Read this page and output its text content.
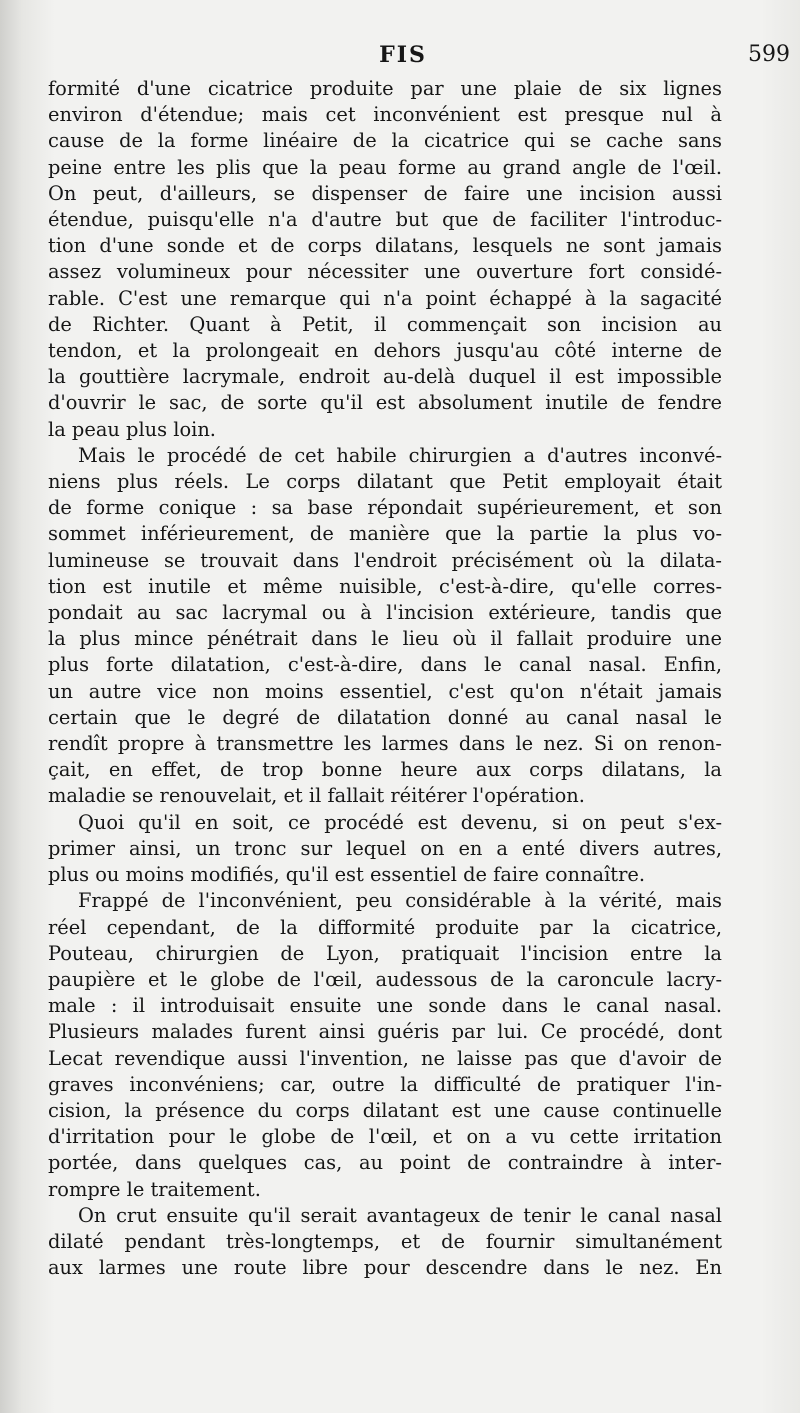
FIS	599
formité d'une cicatrice produite par une plaie de six lignes
environ d'étendue; mais cet inconvénient est presque nul à
cause de la forme linéaire de la cicatrice qui se cache sans
peine entre les plis que la peau forme au grand angle de l'œil.
On peut, d'ailleurs, se dispenser de faire une incision aussi
étendue, puisqu'elle n'a d'autre but que de faciliter l'introduc-
tion d'une sonde et de corps dilatans, lesquels ne sont jamais
assez volumineux pour nécessiter une ouverture fort considé-
rable. C'est une remarque qui n'a point échappé à la sagacité
de Richter. Quant à Petit, il commençait son incision au
tendon, et la prolongeait en dehors jusqu'au côté interne de
la gouttière lacrymale, endroit au-delà duquel il est impossible
d'ouvrir le sac, de sorte qu'il est absolument inutile de fendre
la peau plus loin.
Mais le procédé de cet habile chirurgien a d'autres inconvé-
niens plus réels. Le corps dilatant que Petit employait était
de forme conique : sa base répondait supérieurement, et son
sommet inférieurement, de manière que la partie la plus vo-
lumineuse se trouvait dans l'endroit précisément où la dilata-
tion est inutile et même nuisible, c'est-à-dire, qu'elle corres-
pondait au sac lacrymal ou à l'incision extérieure, tandis que
la plus mince pénétrait dans le lieu où il fallait produire une
plus forte dilatation, c'est-à-dire, dans le canal nasal. Enfin,
un autre vice non moins essentiel, c'est qu'on n'était jamais
certain que le degré de dilatation donné au canal nasal le
rendît propre à transmettre les larmes dans le nez. Si on renon-
çait, en effet, de trop bonne heure aux corps dilatans, la
maladie se renouvelait, et il fallait réitérer l'opération.
Quoi qu'il en soit, ce procédé est devenu, si on peut s'ex-
primer ainsi, un tronc sur lequel on en a enté divers autres,
plus ou moins modifiés, qu'il est essentiel de faire connaître.
Frappé de l'inconvénient, peu considérable à la vérité, mais
réel cependant, de la difformité produite par la cicatrice,
Pouteau, chirurgien de Lyon, pratiquait l'incision entre la
paupière et le globe de l'œil, audessous de la caroncule lacry-
male : il introduisait ensuite une sonde dans le canal nasal.
Plusieurs malades furent ainsi guéris par lui. Ce procédé, dont
Lecat revendique aussi l'invention, ne laisse pas que d'avoir de
graves inconvéniens; car, outre la difficulté de pratiquer l'in-
cision, la présence du corps dilatant est une cause continuelle
d'irritation pour le globe de l'œil, et on a vu cette irritation
portée, dans quelques cas, au point de contraindre à inter-
rompre le traitement.
On crut ensuite qu'il serait avantageux de tenir le canal nasal
dilaté pendant très-longtemps, et de fournir simultanément
aux larmes une route libre pour descendre dans le nez. En
